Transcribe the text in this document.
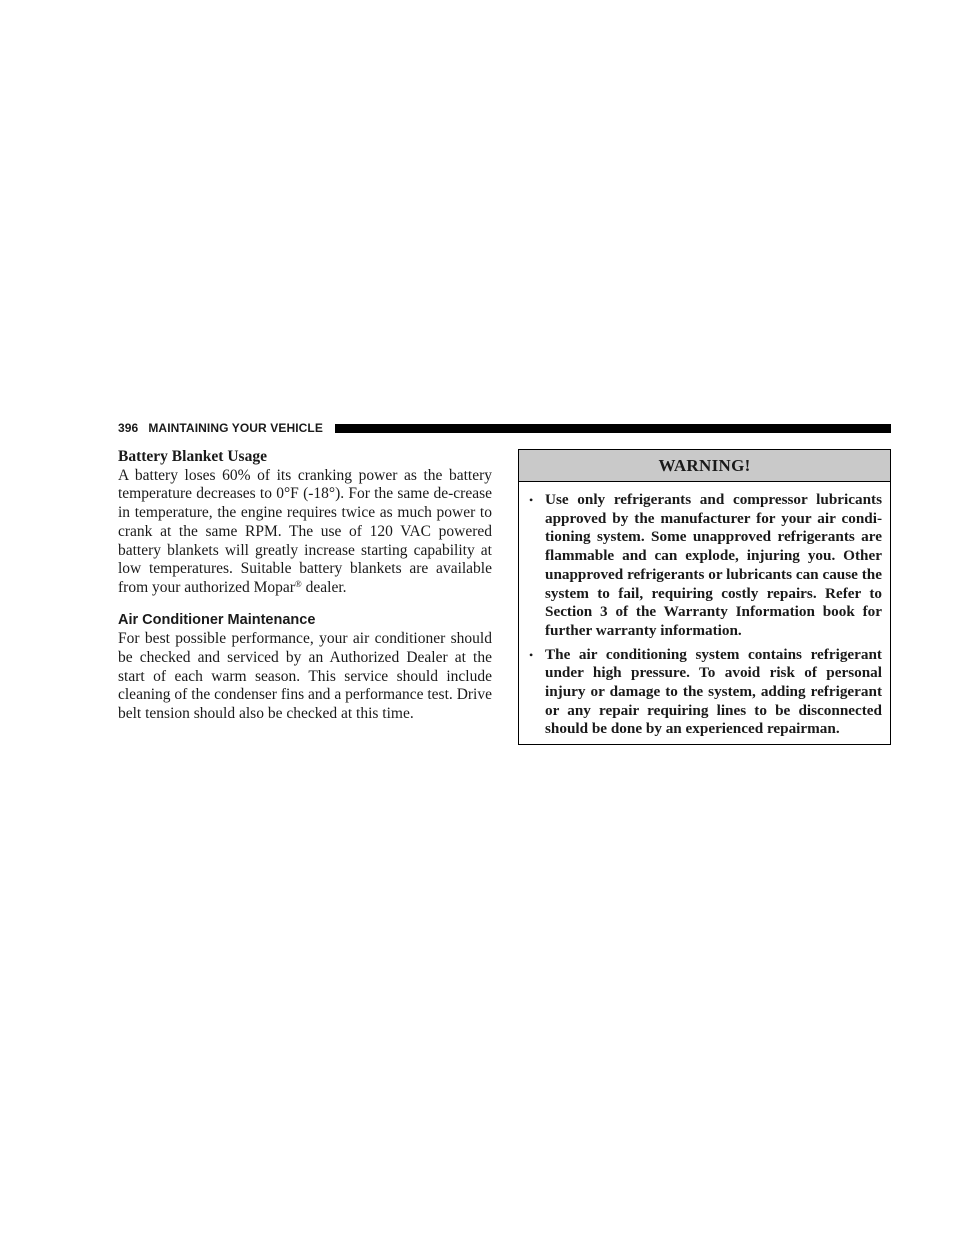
396 MAINTAINING YOUR VEHICLE
Battery Blanket Usage

A battery loses 60% of its cranking power as the battery temperature decreases to 0°F (-18°). For the same de-crease in temperature, the engine requires twice as much power to crank at the same RPM. The use of 120 VAC powered battery blankets will greatly increase starting capability at low temperatures. Suitable battery blankets are available from your authorized Mopar® dealer.

Air Conditioner Maintenance

For best possible performance, your air conditioner should be checked and serviced by an Authorized Dealer at the start of each warm season. This service should include cleaning of the condenser fins and a performance test. Drive belt tension should also be checked at this time.

WARNING!
• Use only refrigerants and compressor lubricants approved by the manufacturer for your air condi-tioning system. Some unapproved refrigerants are flammable and can explode, injuring you. Other unapproved refrigerants or lubricants can cause the system to fail, requiring costly repairs. Refer to Section 3 of the Warranty Information book for further warranty information.
• The air conditioning system contains refrigerant under high pressure. To avoid risk of personal injury or damage to the system, adding refrigerant or any repair requiring lines to be disconnected should be done by an experienced repairman.
